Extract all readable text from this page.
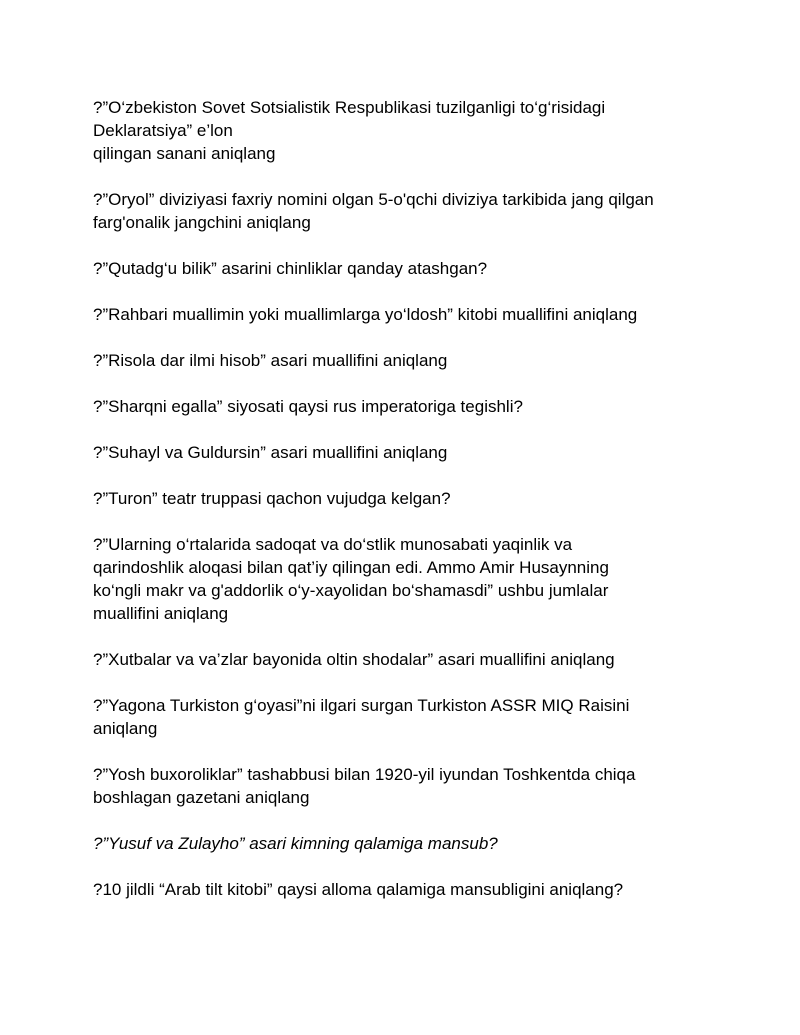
?”O‘zbekiston Sovet Sotsialistik Respublikasi tuzilganligi to‘g‘risidagi
Deklaratsiya” e’lon
qilingan sanani aniqlang

?”Oryol” diviziyasi faxriy nomini olgan 5-o'qchi diviziya tarkibida jang qilgan
farg'onalik jangchini aniqlang

?”Qutadg‘u bilik” asarini chinliklar qanday atashgan?

?”Rahbari muallimin yoki muallimlarga yo‘ldosh” kitobi muallifini aniqlang

?”Risola dar ilmi hisob” asari muallifini aniqlang

?”Sharqni egalla” siyosati qaysi rus imperatoriga tegishli?

?”Suhayl va Guldursin” asari muallifini aniqlang

?”Turon” teatr truppasi qachon vujudga kelgan?

?”Ularning o‘rtalarida sadoqat va do‘stlik munosabati yaqinlik va
qarindoshlik aloqasi bilan qat’iy qilingan edi. Ammo Amir Husaynning
ko‘ngli makr va g'addorlik o‘y-xayolidan bo‘shamasdi” ushbu jumlalar
muallifini aniqlang

?”Xutbalar va va’zlar bayonida oltin shodalar” asari muallifini aniqlang

?”Yagona Turkiston g‘oyasi”ni ilgari surgan Turkiston ASSR MIQ Raisini
aniqlang

?”Yosh buxoroliklar” tashabbusi bilan 1920-yil iyundan Toshkentda chiqa
boshlagan gazetani aniqlang

?”Yusuf va Zulayho” asari kimning qalamiga mansub?

?10 jildli “Arab tilt kitobi” qaysi alloma qalamiga mansubligini aniqlang?
